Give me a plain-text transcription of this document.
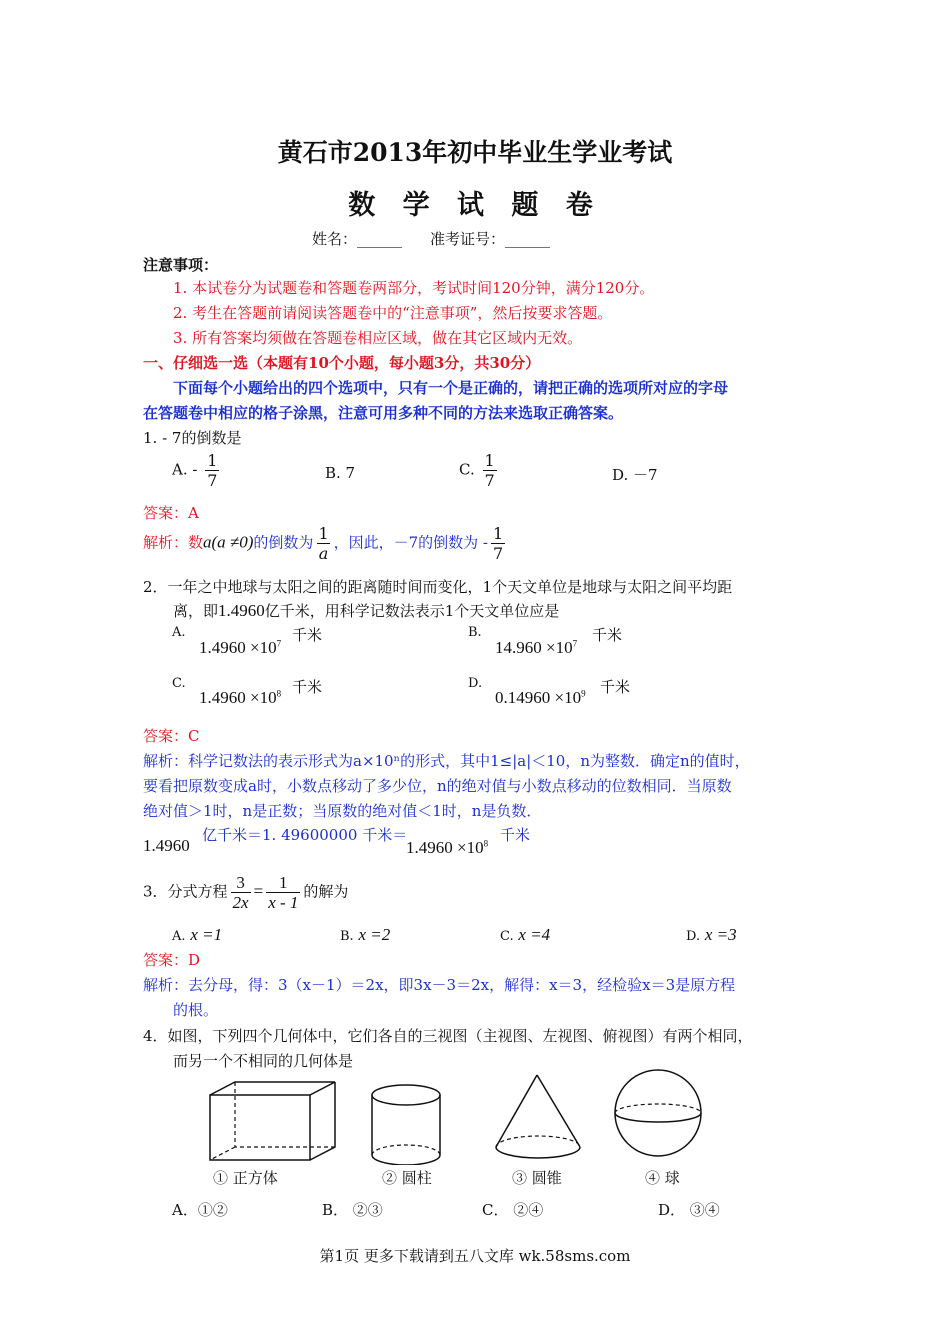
黄石市2013年初中毕业生学业考试
数 学 试 题 卷
姓名：______ 准考证号：______
注意事项：
1. 本试卷分为试题卷和答题卷两部分，考试时间120分钟，满分120分。
2. 考生在答题前请阅读答题卷中的“注意事项”，然后按要求答题。
3. 所有答案均须做在答题卷相应区域，做在其它区域内无效。
一、仔细选一选（本题有10个小题，每小题3分，共30分）
下面每个小题给出的四个选项中，只有一个是正确的，请把正确的选项所对应的字母
在答题卷中相应的格子涂黑，注意可用多种不同的方法来选取正确答案。
1. - 7的倒数是
A. - $\frac{1}{7}$	B. 7	C. $\frac{1}{7}$	D. －7
答案：A
解析：数a(a ≠0)的倒数为 $\frac{1}{a}$ ，因此，－7的倒数为 - $\frac{1}{7}$
2．一年之中地球与太阳之间的距离随时间而变化，1个天文单位是地球与太阳之间平均距
离，即1.4960亿千米，用科学记数法表示1个天文单位应是
A.
$1.4960 \times 10^7$ 千米	B.
$14.960 \times 10^7$ 千米
C.
$1.4960 \times 10^8$ 千米	D.
$0.14960 \times 10^9$ 千米
答案：C
解析：科学记数法的表示形式为a×10ⁿ的形式，其中1≤|a|＜10，n为整数．确定n的值时，
要看把原数变成a时，小数点移动了多少位，n的绝对值与小数点移动的位数相同．当原数
绝对值＞1时，n是正数；当原数的绝对值＜1时，n是负数．
1.4960
亿千米＝1. 49600000 千米＝
$1.4960 \times 10^8$ 千米
3．分式方程 $\frac{3}{2x} = \frac{1}{x - 1}$ 的解为
A. x =1	B. x =2	C. x =4	D. x =3
答案：D
解析：去分母，得：3（x－1）＝2x，即3x－3＝2x，解得：x＝3，经检验x＝3是原方程
的根。
4．如图，下列四个几何体中，它们各自的三视图（主视图、左视图、俯视图）有两个相同，
而另一个不相同的几何体是
① 正方体	② 圆柱	③ 圆锥	④ 球
A．①②	B． ②③	C． ②④	D． ③④
第1页 更多下载请到五八文库 wk.58sms.com
